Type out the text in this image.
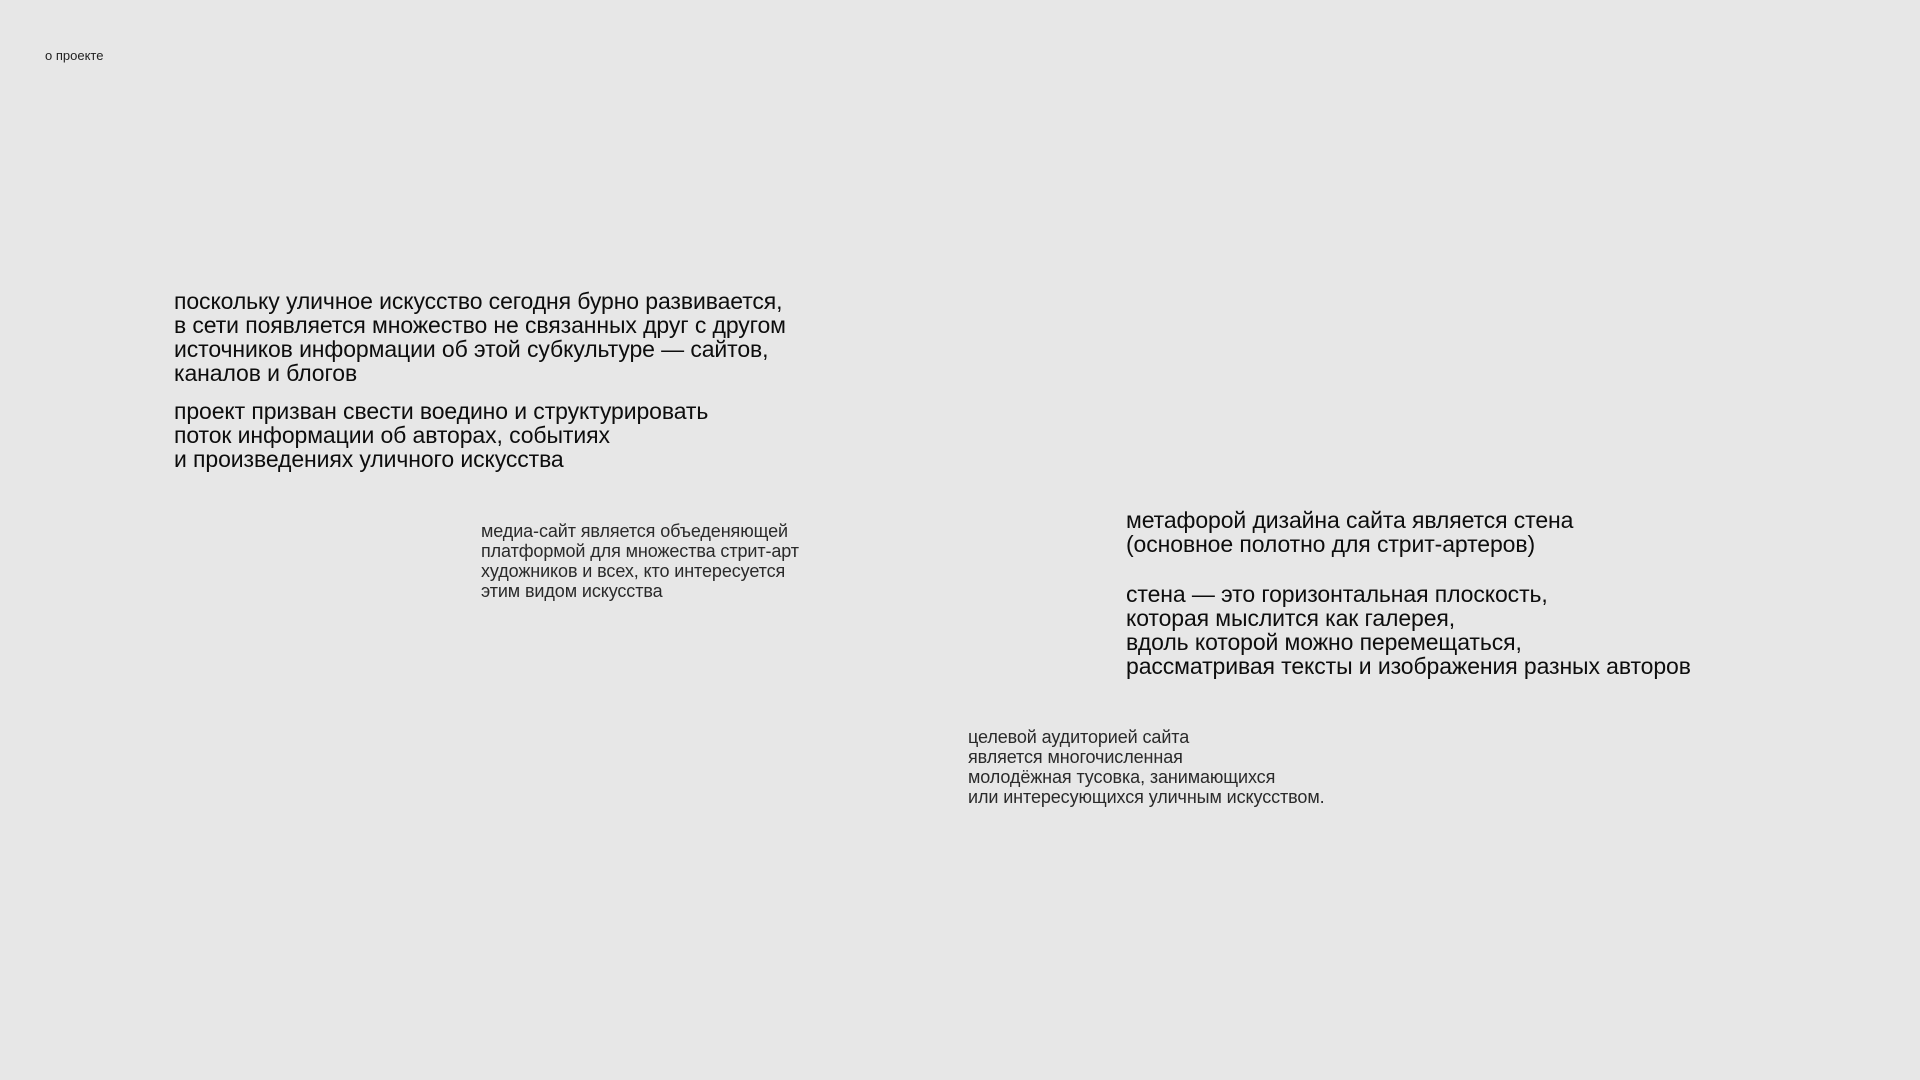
о проекте

поскольку уличное искусство сегодня бурно развивается,
в сети появляется множество не связанных друг с другом
источников информации об этой субкультуре — сайтов,
каналов и блогов

проект призван свести воедино и структурировать
поток информации об авторах, событиях
и произведениях уличного искусства

медиа-сайт является объеденяющей
платформой для множества стрит-арт
художников и всех, кто интересуется
этим видом искусства

метафорой дизайна сайта является стена
(основное полотно для стрит-артеров)

стена — это горизонтальная плоскость,
которая мыслится как галерея,
вдоль которой можно перемещаться,
рассматривая тексты и изображения разных авторов

целевой аудиторией сайта
является многочисленная
молодёжная тусовка, занимающихся
или интересующихся уличным искусством.
